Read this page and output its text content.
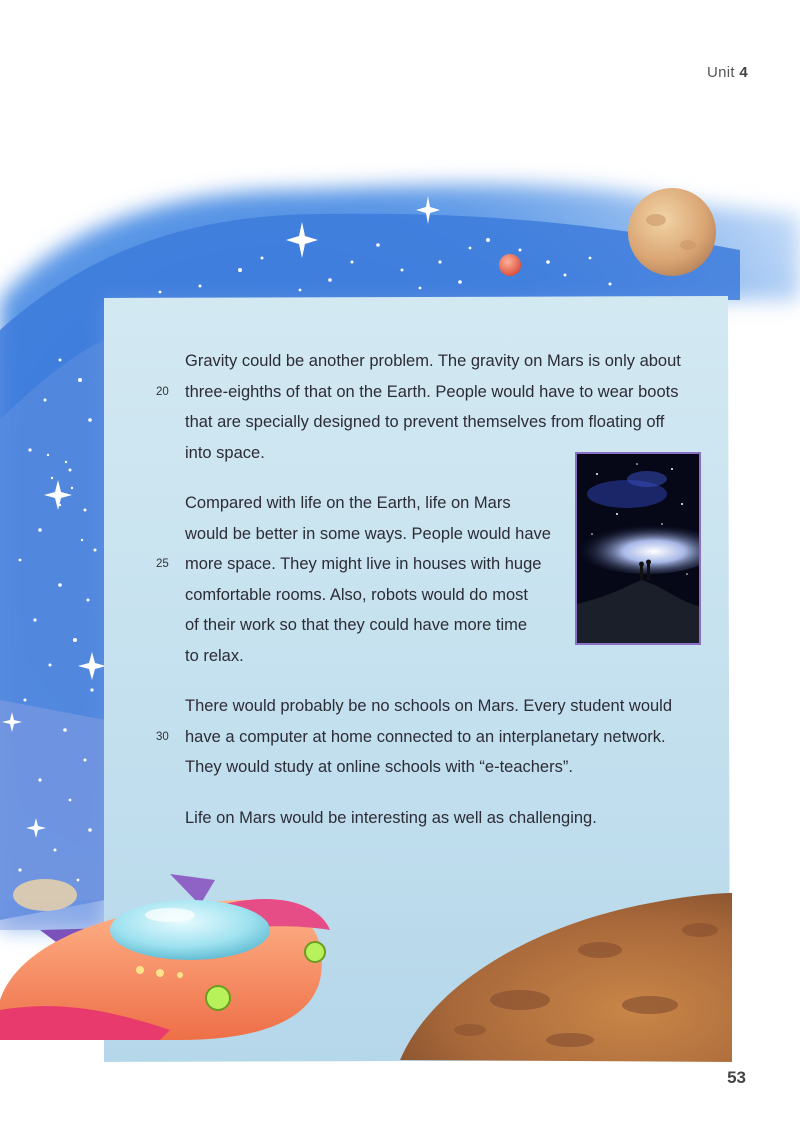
Unit 4

Gravity could be another problem. The gravity on Mars is only about
20 three-eighths of that on the Earth. People would have to wear boots
that are specially designed to prevent themselves from floating off
into space.

Compared with life on the Earth, life on Mars
would be better in some ways. People would have
25 more space. They might live in houses with huge
comfortable rooms. Also, robots would do most
of their work so that they could have more time
to relax.

There would probably be no schools on Mars. Every student would
30 have a computer at home connected to an interplanetary network.
They would study at online schools with “e-teachers”.

Life on Mars would be interesting as well as challenging.

53
